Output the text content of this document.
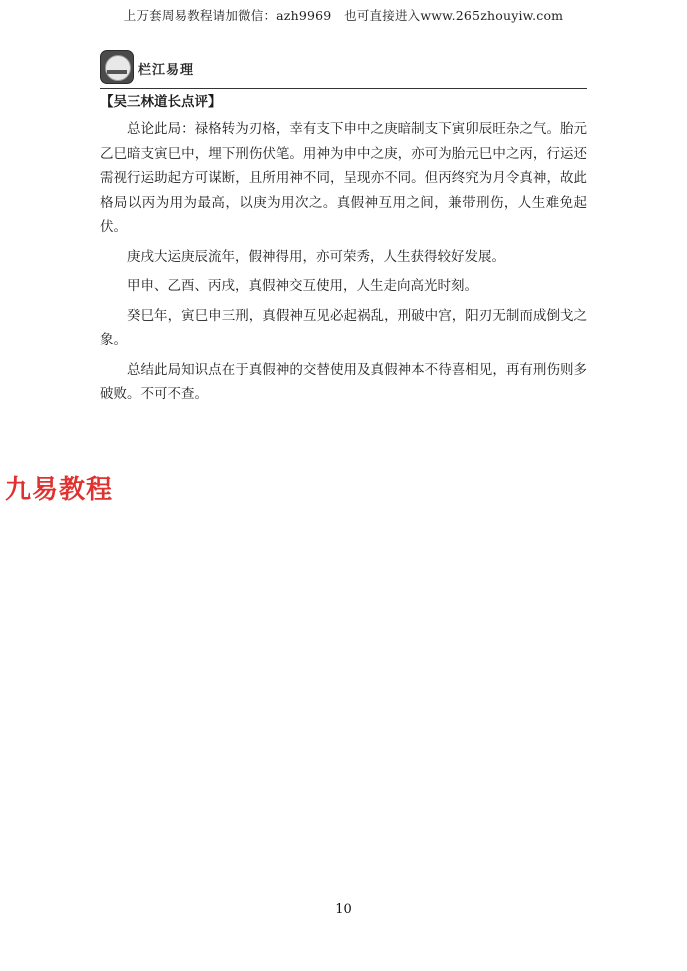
上万套周易教程请加微信：azh9969　也可直接进入www.265zhouyiw.com
栏江易理
【吴三林道长点评】

总论此局：禄格转为刃格，幸有支下申中之庚暗制支下寅卯辰旺杂之气。胎元乙巳暗支寅巳中，埋下刑伤伏笔。用神为申中之庚，亦可为胎元巳中之丙，行运还需视行运助起方可谋断，且所用神不同，呈现亦不同。但丙终究为月令真神，故此格局以丙为用为最高，以庚为用次之。真假神互用之间，兼带刑伤，人生难免起伏。

庚戌大运庚辰流年，假神得用，亦可荣秀，人生获得较好发展。

甲申、乙酉、丙戌，真假神交互使用，人生走向高光时刻。

癸巳年，寅巳申三刑，真假神互见必起祸乱，刑破中宫，阳刃无制而成倒戈之象。

总结此局知识点在于真假神的交替使用及真假神本不待喜相见，再有刑伤则多破败。不可不查。

九易教程
10
